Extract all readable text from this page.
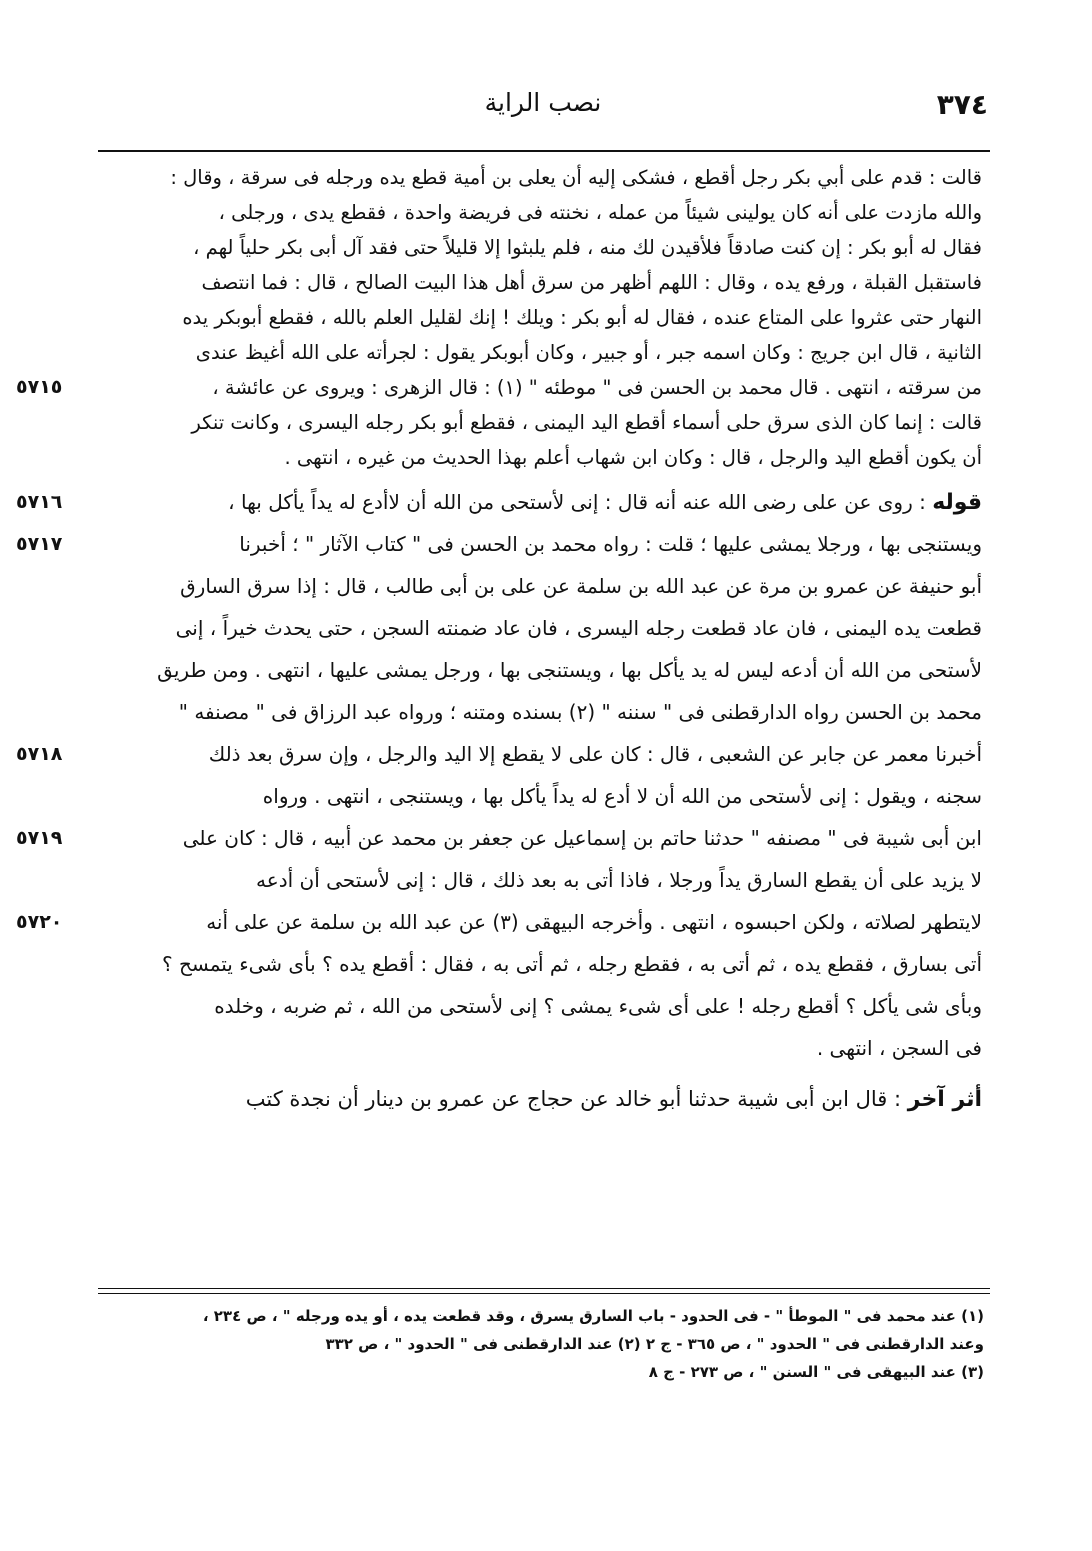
٣٧٤
نصب الراية
قالت : قدم على أبي بكر رجل أقطع ، فشكى إليه أن يعلى بن أمية قطع يده ورجله فى سرقة ، وقال :
والله مازدت على أنه كان يولينى شيئاً من عمله ، نخنته فى فريضة واحدة ، فقطع يدى ، ورجلى ،
فقال له أبو بكر : إن كنت صادقاً فلأقيدن لك منه ، فلم يلبثوا إلا قليلاً حتى فقد آل أبى بكر حلياً لهم ،
فاستقبل القبلة ، ورفع يده ، وقال : اللهم أظهر من سرق أهل هذا البيت الصالح ، قال : فما انتصف
النهار حتى عثروا على المتاع عنده ، فقال له أبو بكر : ويلك ! إنك لقليل العلم بالله ، فقطع أبوبكر يده
الثانية ، قال ابن جريج : وكان اسمه جبر ، أو جبير ، وكان أبوبكر يقول : لجرأته على الله أغيظ عندى
٥٧١٥	من سرقته ، انتهى . قال محمد بن الحسن فى " موطئه " (١) : قال الزهرى : ويروى عن عائشة ،
قالت : إنما كان الذى سرق حلى أسماء أقطع اليد اليمنى ، فقطع أبو بكر رجله اليسرى ، وكانت تنكر
أن يكون أقطع اليد والرجل ، قال : وكان ابن شهاب أعلم بهذا الحديث من غيره ، انتهى .
٥٧١٦	قوله : روى عن على رضى الله عنه أنه قال : إنى لأستحى من الله أن لاأدع له يداً يأكل بها ،
٥٧١٧	ويستنجى بها ، ورجلا يمشى عليها ؛ قلت : رواه محمد بن الحسن فى " كتاب الآثار " ؛ أخبرنا
أبو حنيفة عن عمرو بن مرة عن عبد الله بن سلمة عن على بن أبى طالب ، قال : إذا سرق السارق
قطعت يده اليمنى ، فان عاد قطعت رجله اليسرى ، فان عاد ضمنته السجن ، حتى يحدث خيراً ، إنى
لأستحى من الله أن أدعه ليس له يد يأكل بها ، ويستنجى بها ، ورجل يمشى عليها ، انتهى . ومن طريق
محمد بن الحسن رواه الدارقطنى فى " سننه " (٢) بسنده ومتنه ؛ ورواه عبد الرزاق فى " مصنفه "
٥٧١٨	أخبرنا معمر عن جابر عن الشعبى ، قال : كان على لا يقطع إلا اليد والرجل ، وإن سرق بعد ذلك
سجنه ، ويقول : إنى لأستحى من الله أن لا أدع له يداً يأكل بها ، ويستنجى ، انتهى . ورواه
٥٧١٩	ابن أبى شيبة فى " مصنفه " حدثنا حاتم بن إسماعيل عن جعفر بن محمد عن أبيه ، قال : كان على
لا يزيد على أن يقطع السارق يداً ورجلا ، فاذا أتى به بعد ذلك ، قال : إنى لأستحى أن أدعه
٥٧٢٠	لايتطهر لصلاته ، ولكن احبسوه ، انتهى . وأخرجه البيهقى (٣) عن عبد الله بن سلمة عن على أنه
أتى بسارق ، فقطع يده ، ثم أتى به ، فقطع رجله ، ثم أتى به ، فقال : أقطع يده ؟ بأى شىء يتمسح ؟
وبأى شى يأكل ؟ أقطع رجله ! على أى شىء يمشى ؟ إنى لأستحى من الله ، ثم ضربه ، وخلده
فى السجن ، انتهى .
أثر آخر : قال ابن أبى شيبة حدثنا أبو خالد عن حجاج عن عمرو بن دينار أن نجدة كتب
(١) عند محمد فى " الموطأ " - فى الحدود - باب السارق يسرق ، وقد قطعت يده ، أو يده ورجله " ، ص ٢٣٤ ،
وعند الدارقطنى فى " الحدود " ، ص ٣٦٥ - ج ٢ (٢) عند الدارقطنى فى " الحدود " ، ص ٣٣٢
(٣) عند البيهقى فى " السنن " ، ص ٢٧٣ - ج ٨
